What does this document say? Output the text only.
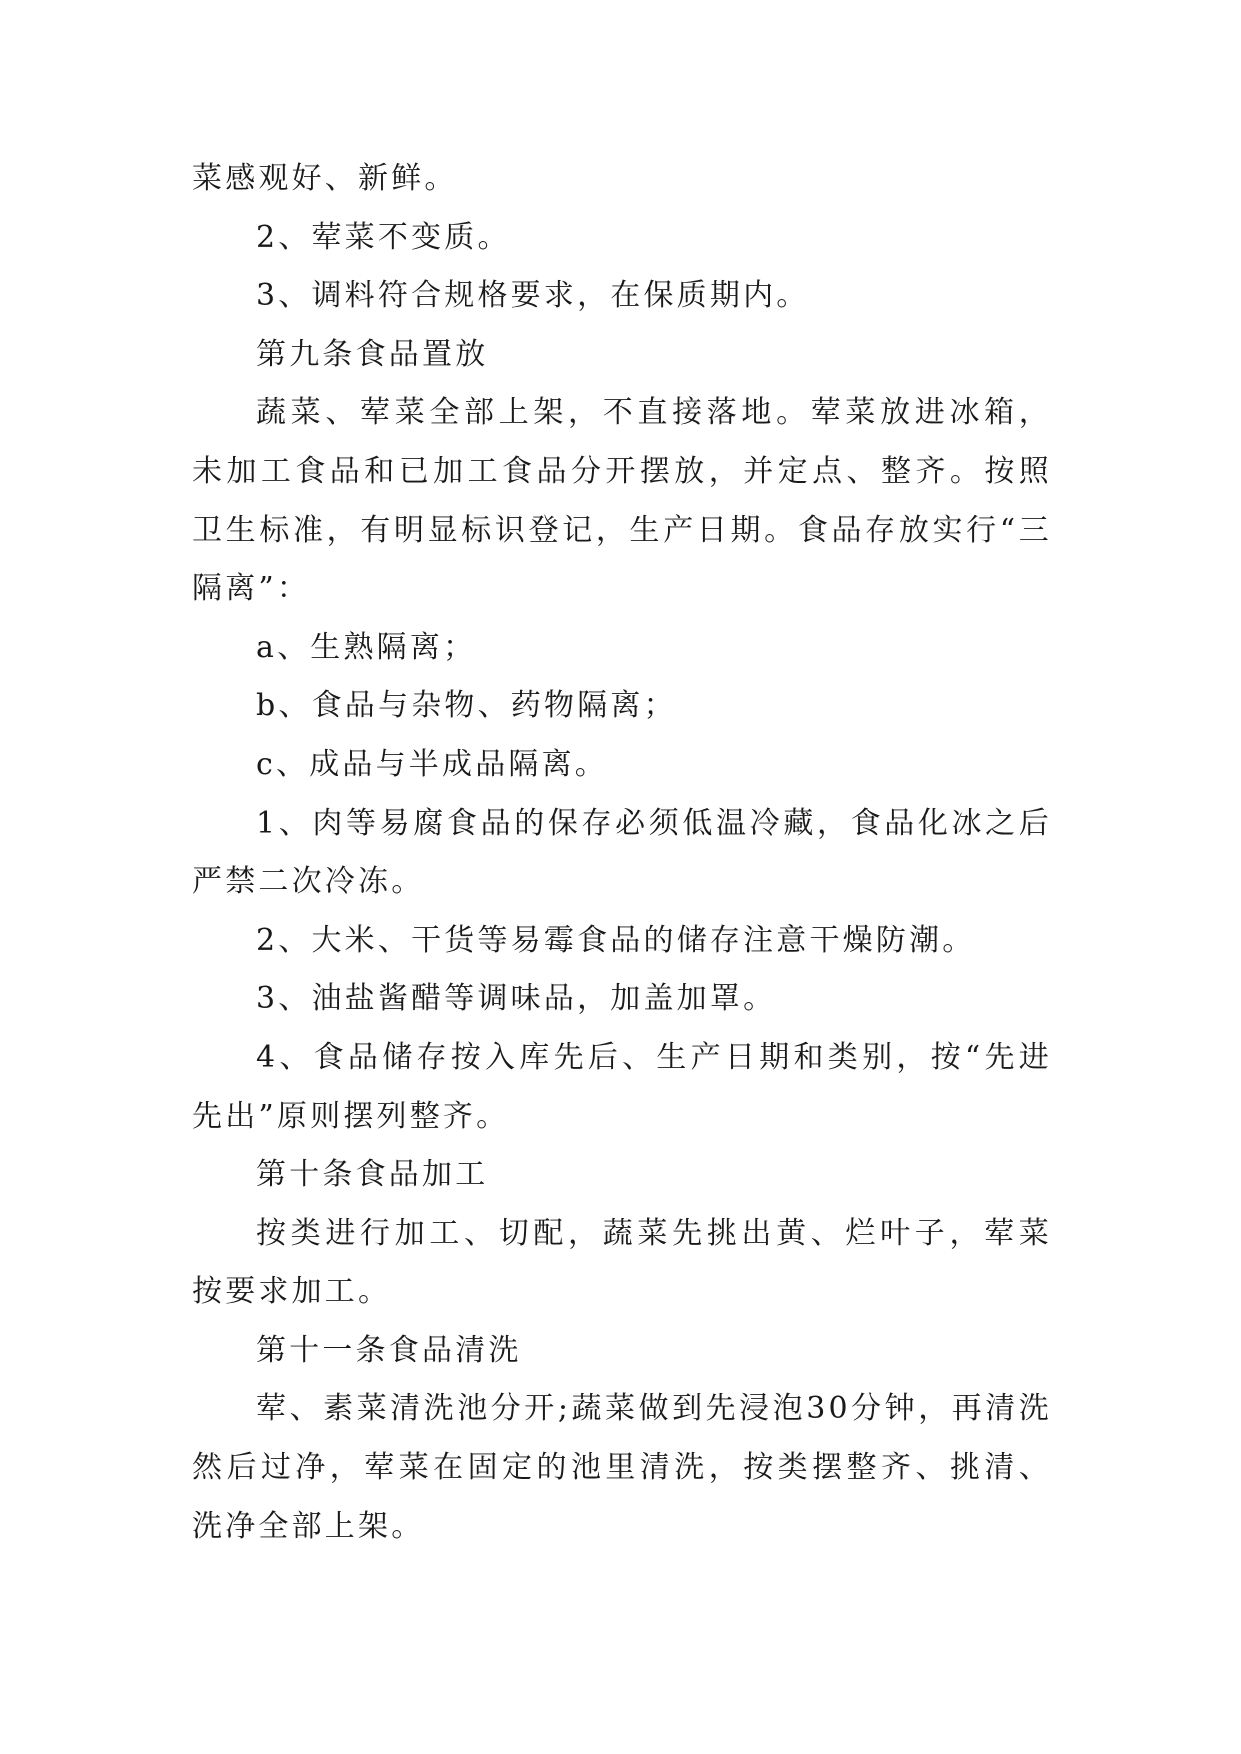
菜感观好、新鲜。

2、荤菜不变质。

3、调料符合规格要求，在保质期内。

第九条食品置放

蔬菜、荤菜全部上架，不直接落地。荤菜放进冰箱，未加工食品和已加工食品分开摆放，并定点、整齐。按照卫生标准，有明显标识登记，生产日期。食品存放实行“三隔离”：

a、生熟隔离；

b、食品与杂物、药物隔离；

c、成品与半成品隔离。

1、肉等易腐食品的保存必须低温冷藏，食品化冰之后严禁二次冷冻。

2、大米、干货等易霉食品的储存注意干燥防潮。

3、油盐酱醋等调味品，加盖加罩。

4、食品储存按入库先后、生产日期和类别，按“先进先出”原则摆列整齐。

第十条食品加工

按类进行加工、切配，蔬菜先挑出黄、烂叶子，荤菜按要求加工。

第十一条食品清洗

荤、素菜清洗池分开;蔬菜做到先浸泡30分钟，再清洗然后过净，荤菜在固定的池里清洗，按类摆整齐、挑清、洗净全部上架。
